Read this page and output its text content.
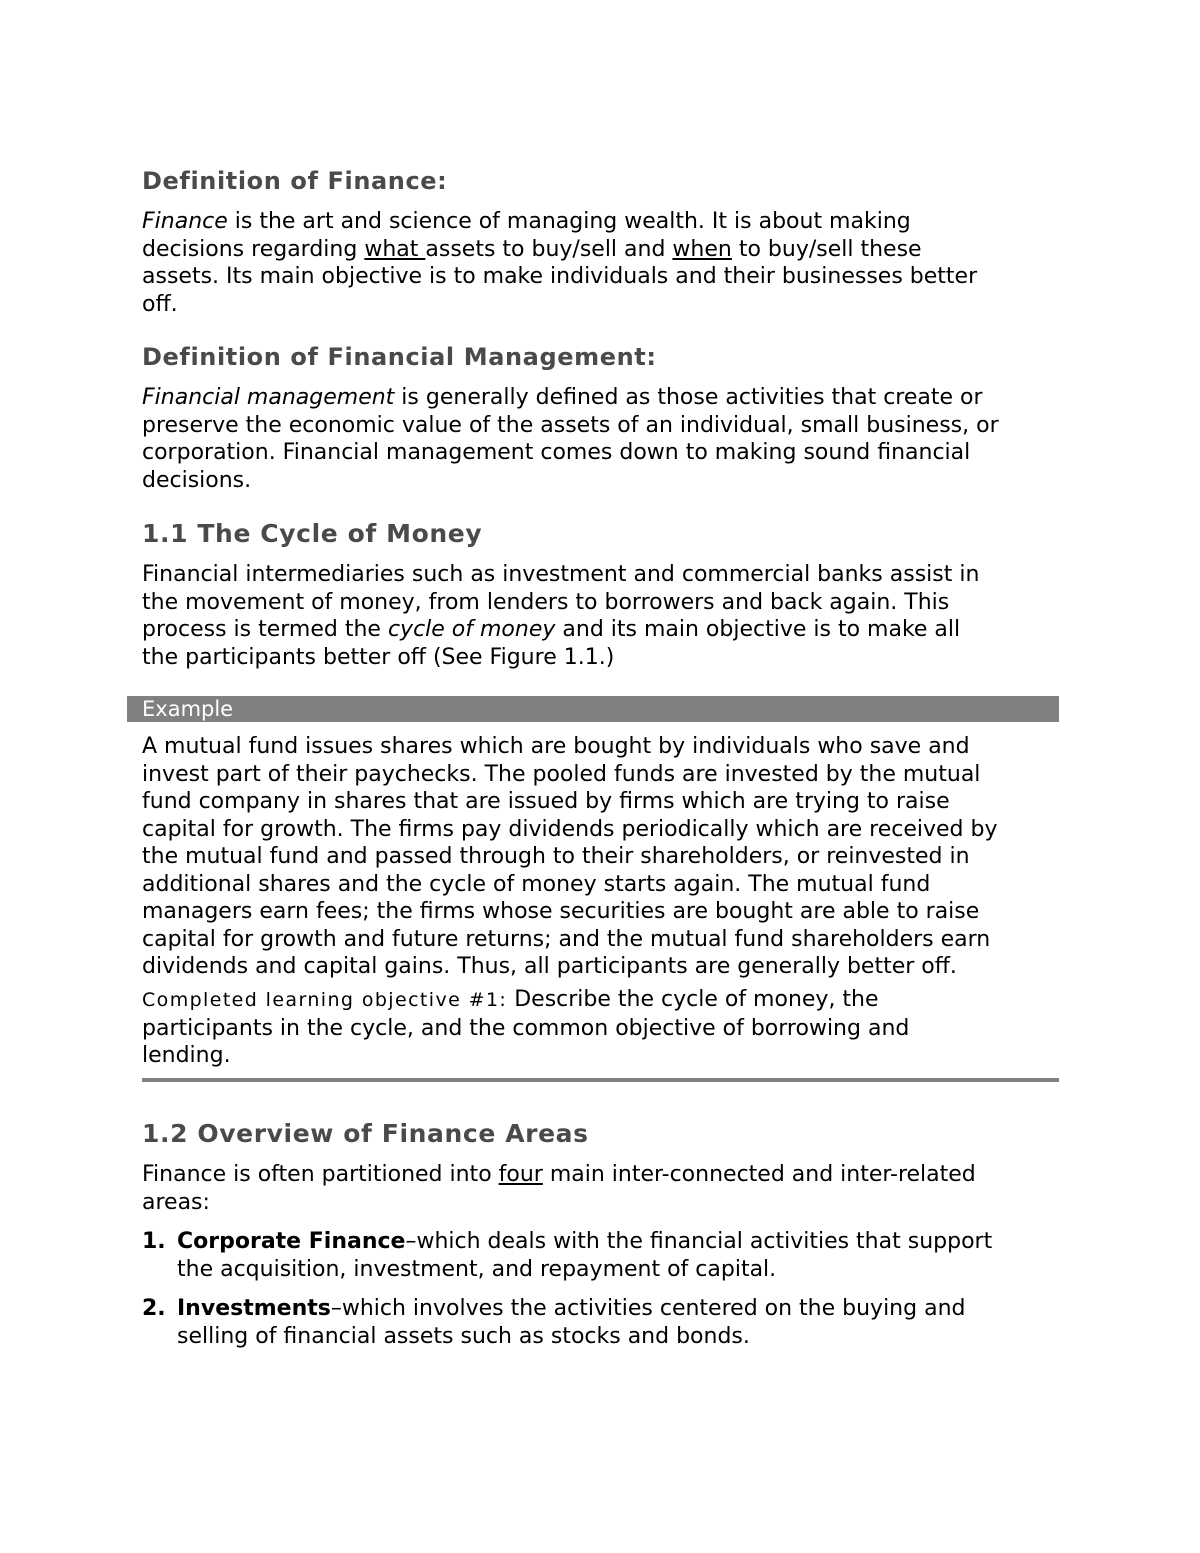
Definition of Finance:

Finance is the art and science of managing wealth. It is about making
decisions regarding what assets to buy/sell and when to buy/sell these
assets. Its main objective is to make individuals and their businesses better
off.

Definition of Financial Management:

Financial management is generally defined as those activities that create or
preserve the economic value of the assets of an individual, small business, or
corporation. Financial management comes down to making sound financial
decisions.

1.1 The Cycle of Money

Financial intermediaries such as investment and commercial banks assist in
the movement of money, from lenders to borrowers and back again. This
process is termed the cycle of money and its main objective is to make all
the participants better off (See Figure 1.1.)

A mutual fund issues shares which are bought by individuals who save and
invest part of their paychecks. The pooled funds are invested by the mutual
fund company in shares that are issued by firms which are trying to raise
capital for growth. The firms pay dividends periodically which are received by
the mutual fund and passed through to their shareholders, or reinvested in
additional shares and the cycle of money starts again. The mutual fund
managers earn fees; the firms whose securities are bought are able to raise
capital for growth and future returns; and the mutual fund shareholders earn
dividends and capital gains. Thus, all participants are generally better off.

Completed learning objective #1: Describe the cycle of money, the
participants in the cycle, and the common objective of borrowing and
lending.

1.2 Overview of Finance Areas

Finance is often partitioned into four main inter-connected and inter-related
areas:

1. Corporate Finance–which deals with the financial activities that support
the acquisition, investment, and repayment of capital.
2. Investments–which involves the activities centered on the buying and
selling of financial assets such as stocks and bonds.
Example
